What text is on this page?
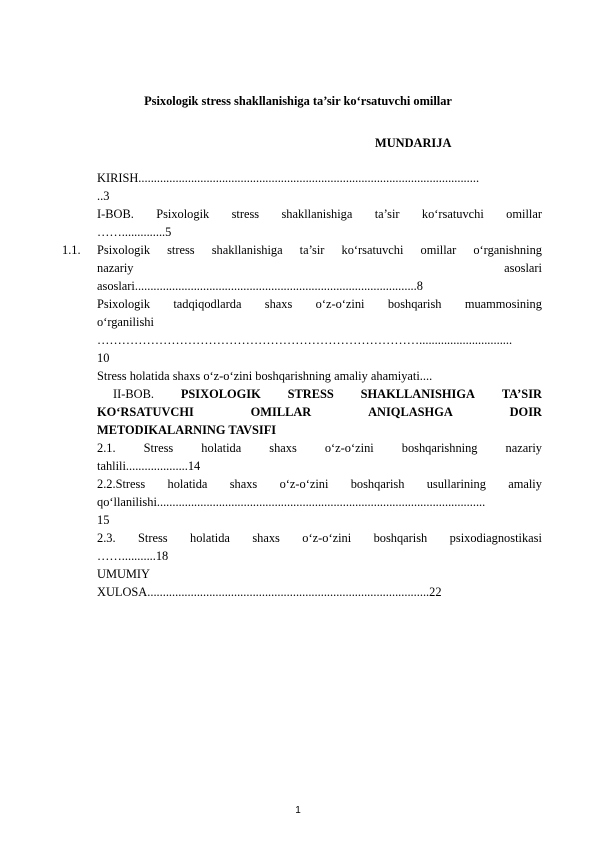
Psixologik stress shakllanishiga ta’sir ko‘rsatuvchi omillar
MUNDARIJA
KIRISH..............................................................................................................
..3
I-BOB. Psixologik stress shakllanishiga ta’sir ko‘rsatuvchi omillar
……..............5
1.1. Psixologik stress shakllanishiga ta’sir ko‘rsatuvchi omillar o‘rganishning
nazariy	asoslari
asoslari...........................................................................................8
Psixologik tadqiqodlarda shaxs o‘z-o‘zini boshqarish muammosining
o‘rganilishi
……………………………………………………………………..............................
10
Stress holatida shaxs o‘z-o‘zini boshqarishning amaliy ahamiyati....
II-BOB. PSIXOLOGIK STRESS SHAKLLANISHIGA TA’SIR
KO‘RSATUVCHI	OMILLAR	ANIQLASHGA	DOIR
METODIKALARNING TAVSIFI
2.1. Stress holatida shaxs o‘z-o‘zini boshqarishning nazariy
tahlili....................14
2.2.Stress holatida shaxs o‘z-o‘zini boshqarish usullarining amaliy
qo‘llanilishi..........................................................................................................
15
2.3. Stress holatida shaxs o‘z-o‘zini boshqarish psixodiagnostikasi
……...........18
UMUMIY
XULOSA...........................................................................................22
1
